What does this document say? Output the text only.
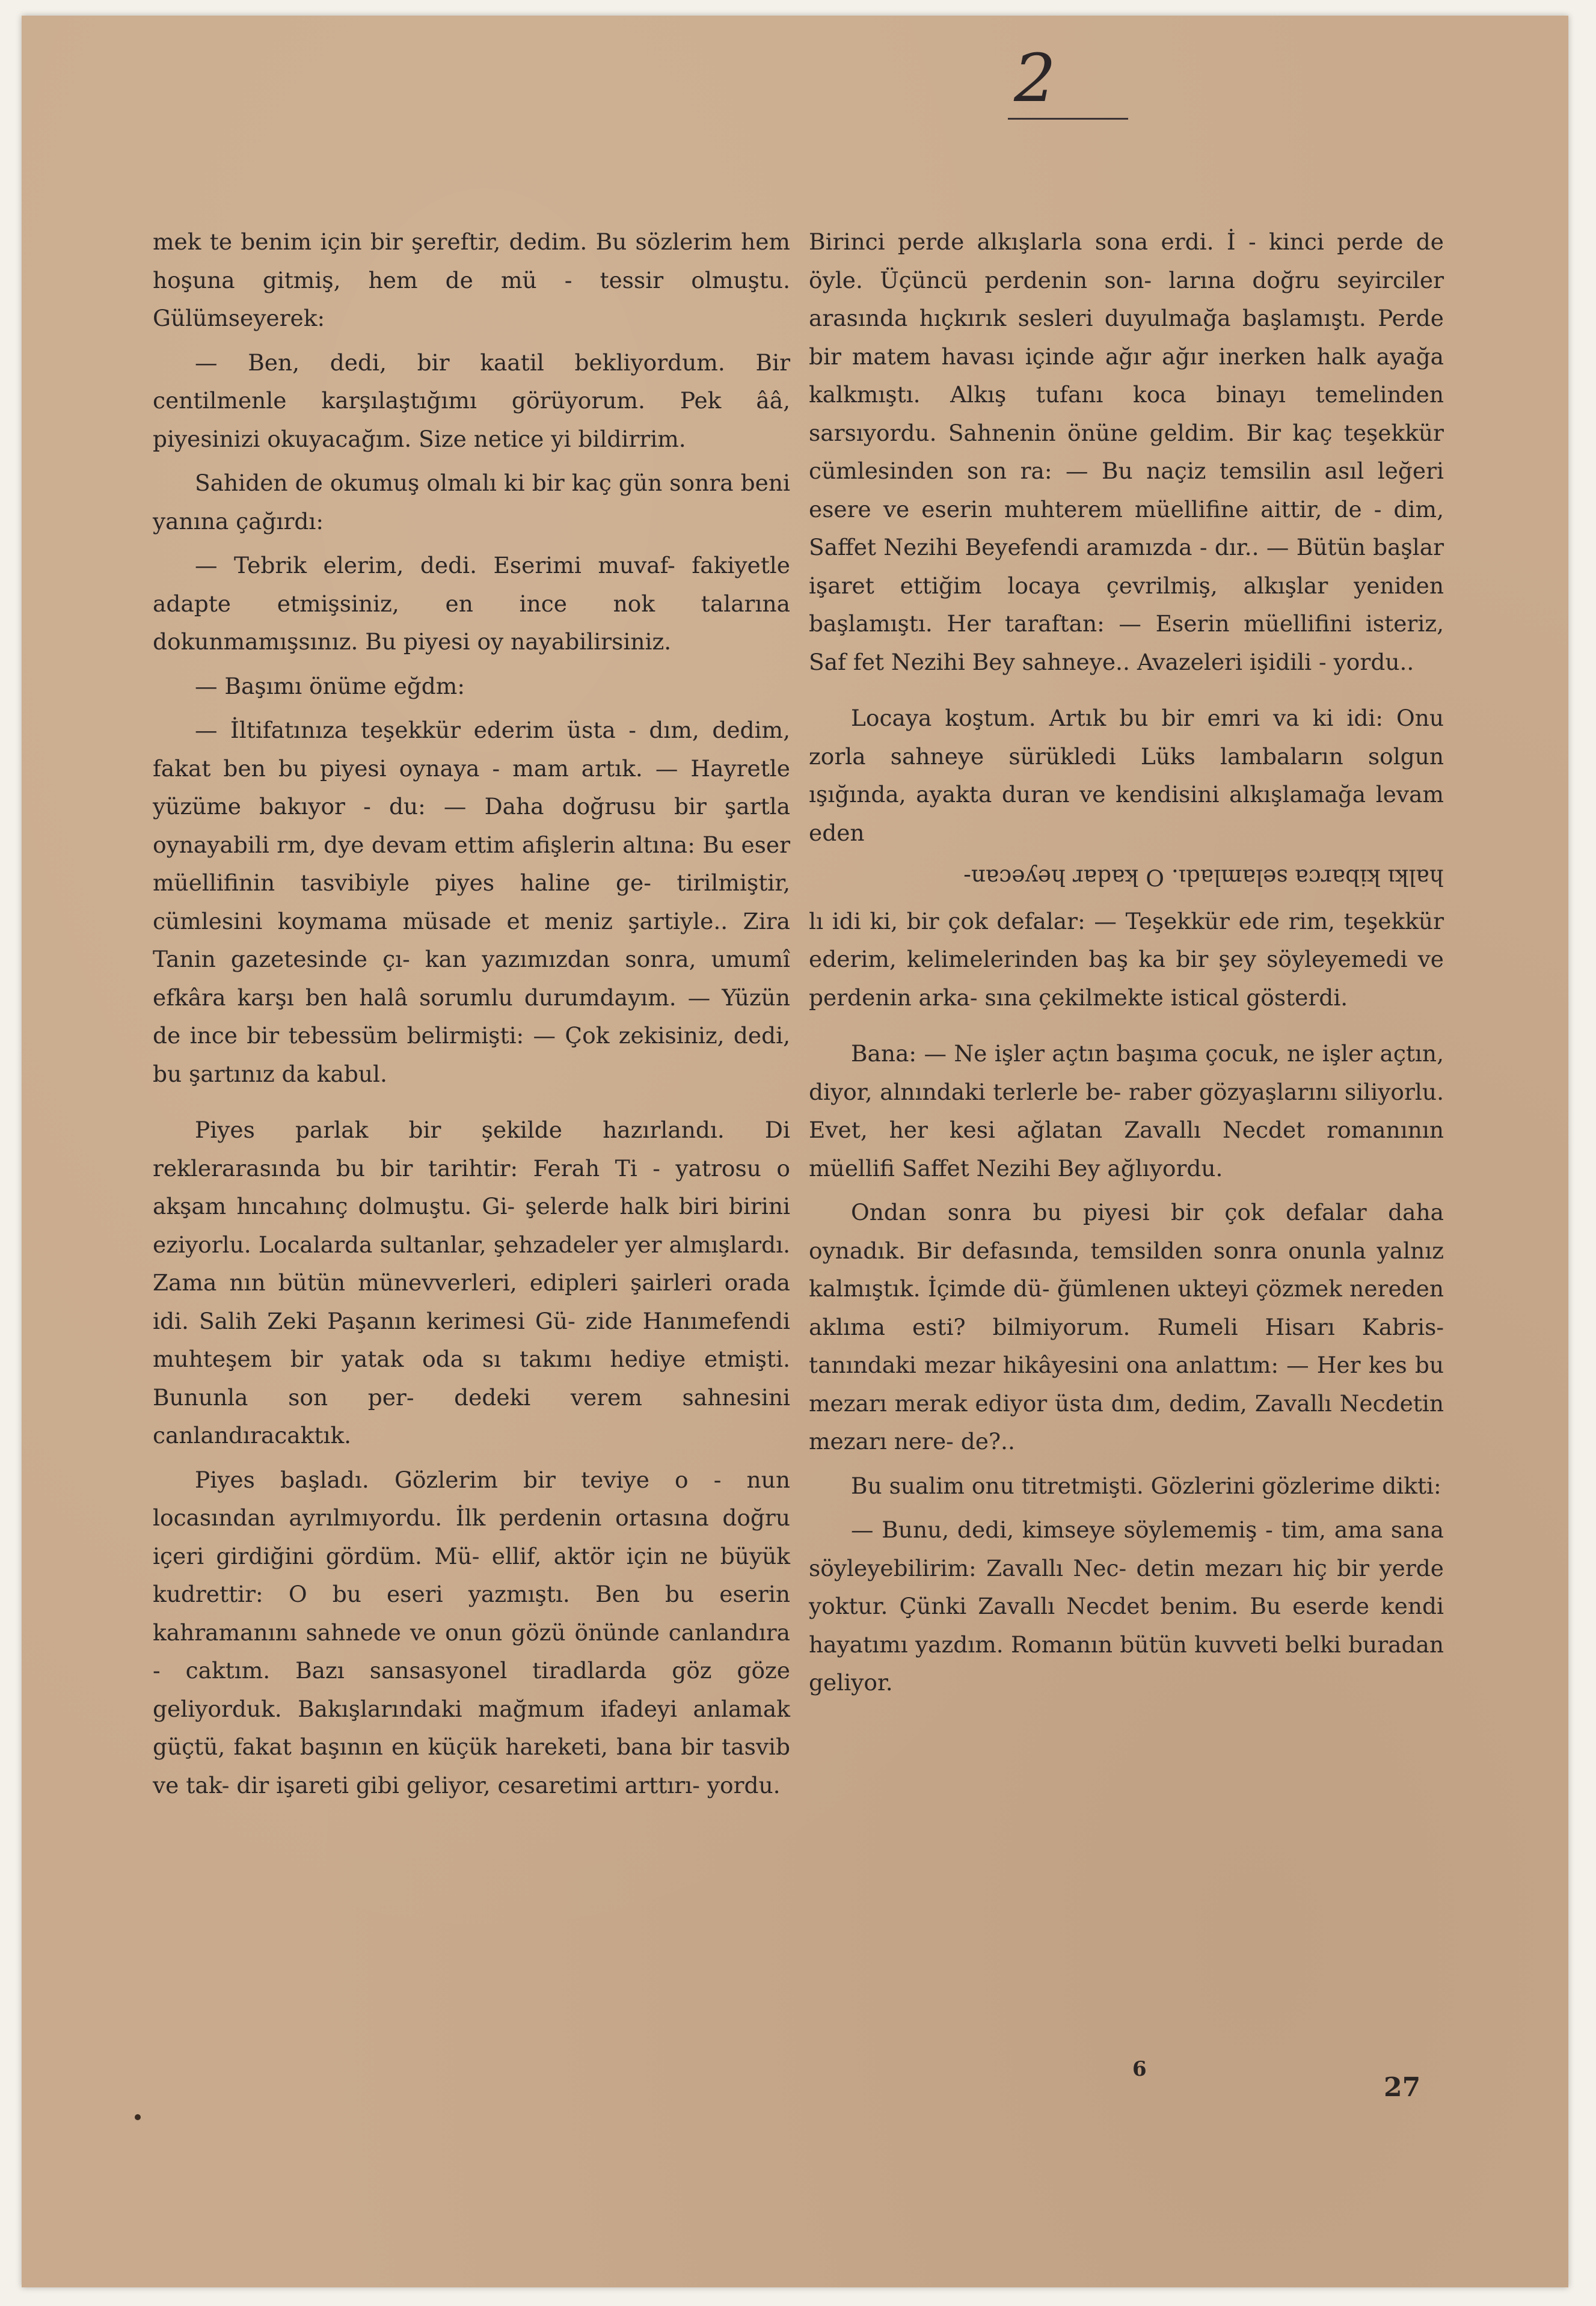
2

mek te benim için bir şereftir, dedim. Bu sözlerim hem hoşuna gitmiş, hem de mü - tessir olmuştu. Gülümseyerek:

— Ben, dedi, bir kaatil bekliyordum. Bir centilmenle karşılaştığımı görüyorum. Pek ââ, piyesinizi okuyacağım. Size netice yi bildirrim.

Sahiden de okumuş olmalı ki bir kaç gün sonra beni yanına çağırdı:

— Tebrik elerim, dedi. Eserimi muvaf- fakiyetle adapte etmişsiniz, en ince nok talarına dokunmamışsınız. Bu piyesi oy nayabilirsiniz.

— Başımı önüme eğdm:

— İltifatınıza teşekkür ederim üsta - dım, dedim, fakat ben bu piyesi oynaya - mam artık. — Hayretle yüzüme bakıyor - du: — Daha doğrusu bir şartla oynayabili rm, dye devam ettim afişlerin altına: Bu eser müellifinin tasvibiyle piyes haline ge- tirilmiştir, cümlesini koymama müsade et meniz şartiyle.. Zira Tanin gazetesinde çı- kan yazımızdan sonra, umumî efkâra karşı ben halâ sorumlu durumdayım. — Yüzün de ince bir tebessüm belirmişti: — Çok zekisiniz, dedi, bu şartınız da kabul.

Piyes parlak bir şekilde hazırlandı. Di reklerarasında bu bir tarihtir: Ferah Ti - yatrosu o akşam hıncahınç dolmuştu. Gi- şelerde halk biri birini eziyorlu. Localarda sultanlar, şehzadeler yer almışlardı. Zama nın bütün münevverleri, edipleri şairleri orada idi. Salih Zeki Paşanın kerimesi Gü- zide Hanımefendi muhteşem bir yatak oda sı takımı hediye etmişti. Bununla son per- dedeki verem sahnesini canlandıracaktık.

Piyes başladı. Gözlerim bir teviye o - nun locasından ayrılmıyordu. İlk perdenin ortasına doğru içeri girdiğini gördüm. Mü- ellif, aktör için ne büyük kudrettir: O bu eseri yazmıştı. Ben bu eserin kahramanını sahnede ve onun gözü önünde canlandıra - caktım. Bazı sansasyonel tiradlarda göz göze geliyorduk. Bakışlarındaki mağmum ifadeyi anlamak güçtü, fakat başının en küçük hareketi, bana bir tasvib ve tak- dir işareti gibi geliyor, cesaretimi arttırı- yordu.

Birinci perde alkışlarla sona erdi. İ - kinci perde de öyle. Üçüncü perdenin son- larına doğru seyirciler arasında hıçkırık sesleri duyulmağa başlamıştı. Perde bir matem havası içinde ağır ağır inerken halk ayağa kalkmıştı. Alkış tufanı koca binayı temelinden sarsıyordu. Sahnenin önüne geldim. Bir kaç teşekkür cümlesinden son ra: — Bu naçiz temsilin asıl leğeri esere ve eserin muhterem müellifine aittir, de - dim, Saffet Nezihi Beyefendi aramızda - dır.. — Bütün başlar işaret ettiğim locaya çevrilmiş, alkışlar yeniden başlamıştı. Her taraftan: — Eserin müellifini isteriz, Saf fet Nezihi Bey sahneye.. Avazeleri işidili - yordu..

Locaya koştum. Artık bu bir emri va ki idi: Onu zorla sahneye sürükledi Lüks lambaların solgun ışığında, ayakta duran ve kendisini alkışlamağa levam eden

halkı kibarca selamladı. O kadar heyecan-

lı idi ki, bir çok defalar: — Teşekkür ede rim, teşekkür ederim, kelimelerinden baş ka bir şey söyleyemedi ve perdenin arka- sına çekilmekte istical gösterdi.

Bana: — Ne işler açtın başıma çocuk, ne işler açtın, diyor, alnındaki terlerle be- raber gözyaşlarını siliyorlu. Evet, her kesi ağlatan Zavallı Necdet romanının müellifi Saffet Nezihi Bey ağlıyordu.

Ondan sonra bu piyesi bir çok defalar daha oynadık. Bir defasında, temsilden sonra onunla yalnız kalmıştık. İçimde dü- ğümlenen ukteyi çözmek nereden aklıma esti? bilmiyorum. Rumeli Hisarı Kabris- tanındaki mezar hikâyesini ona anlattım: — Her kes bu mezarı merak ediyor üsta dım, dedim, Zavallı Necdetin mezarı nere- de?..

Bu sualim onu titretmişti. Gözlerini gözlerime dikti:

— Bunu, dedi, kimseye söylememiş - tim, ama sana söyleyebilirim: Zavallı Nec- detin mezarı hiç bir yerde yoktur. Çünki Zavallı Necdet benim. Bu eserde kendi hayatımı yazdım. Romanın bütün kuvveti belki buradan geliyor.

6
27
